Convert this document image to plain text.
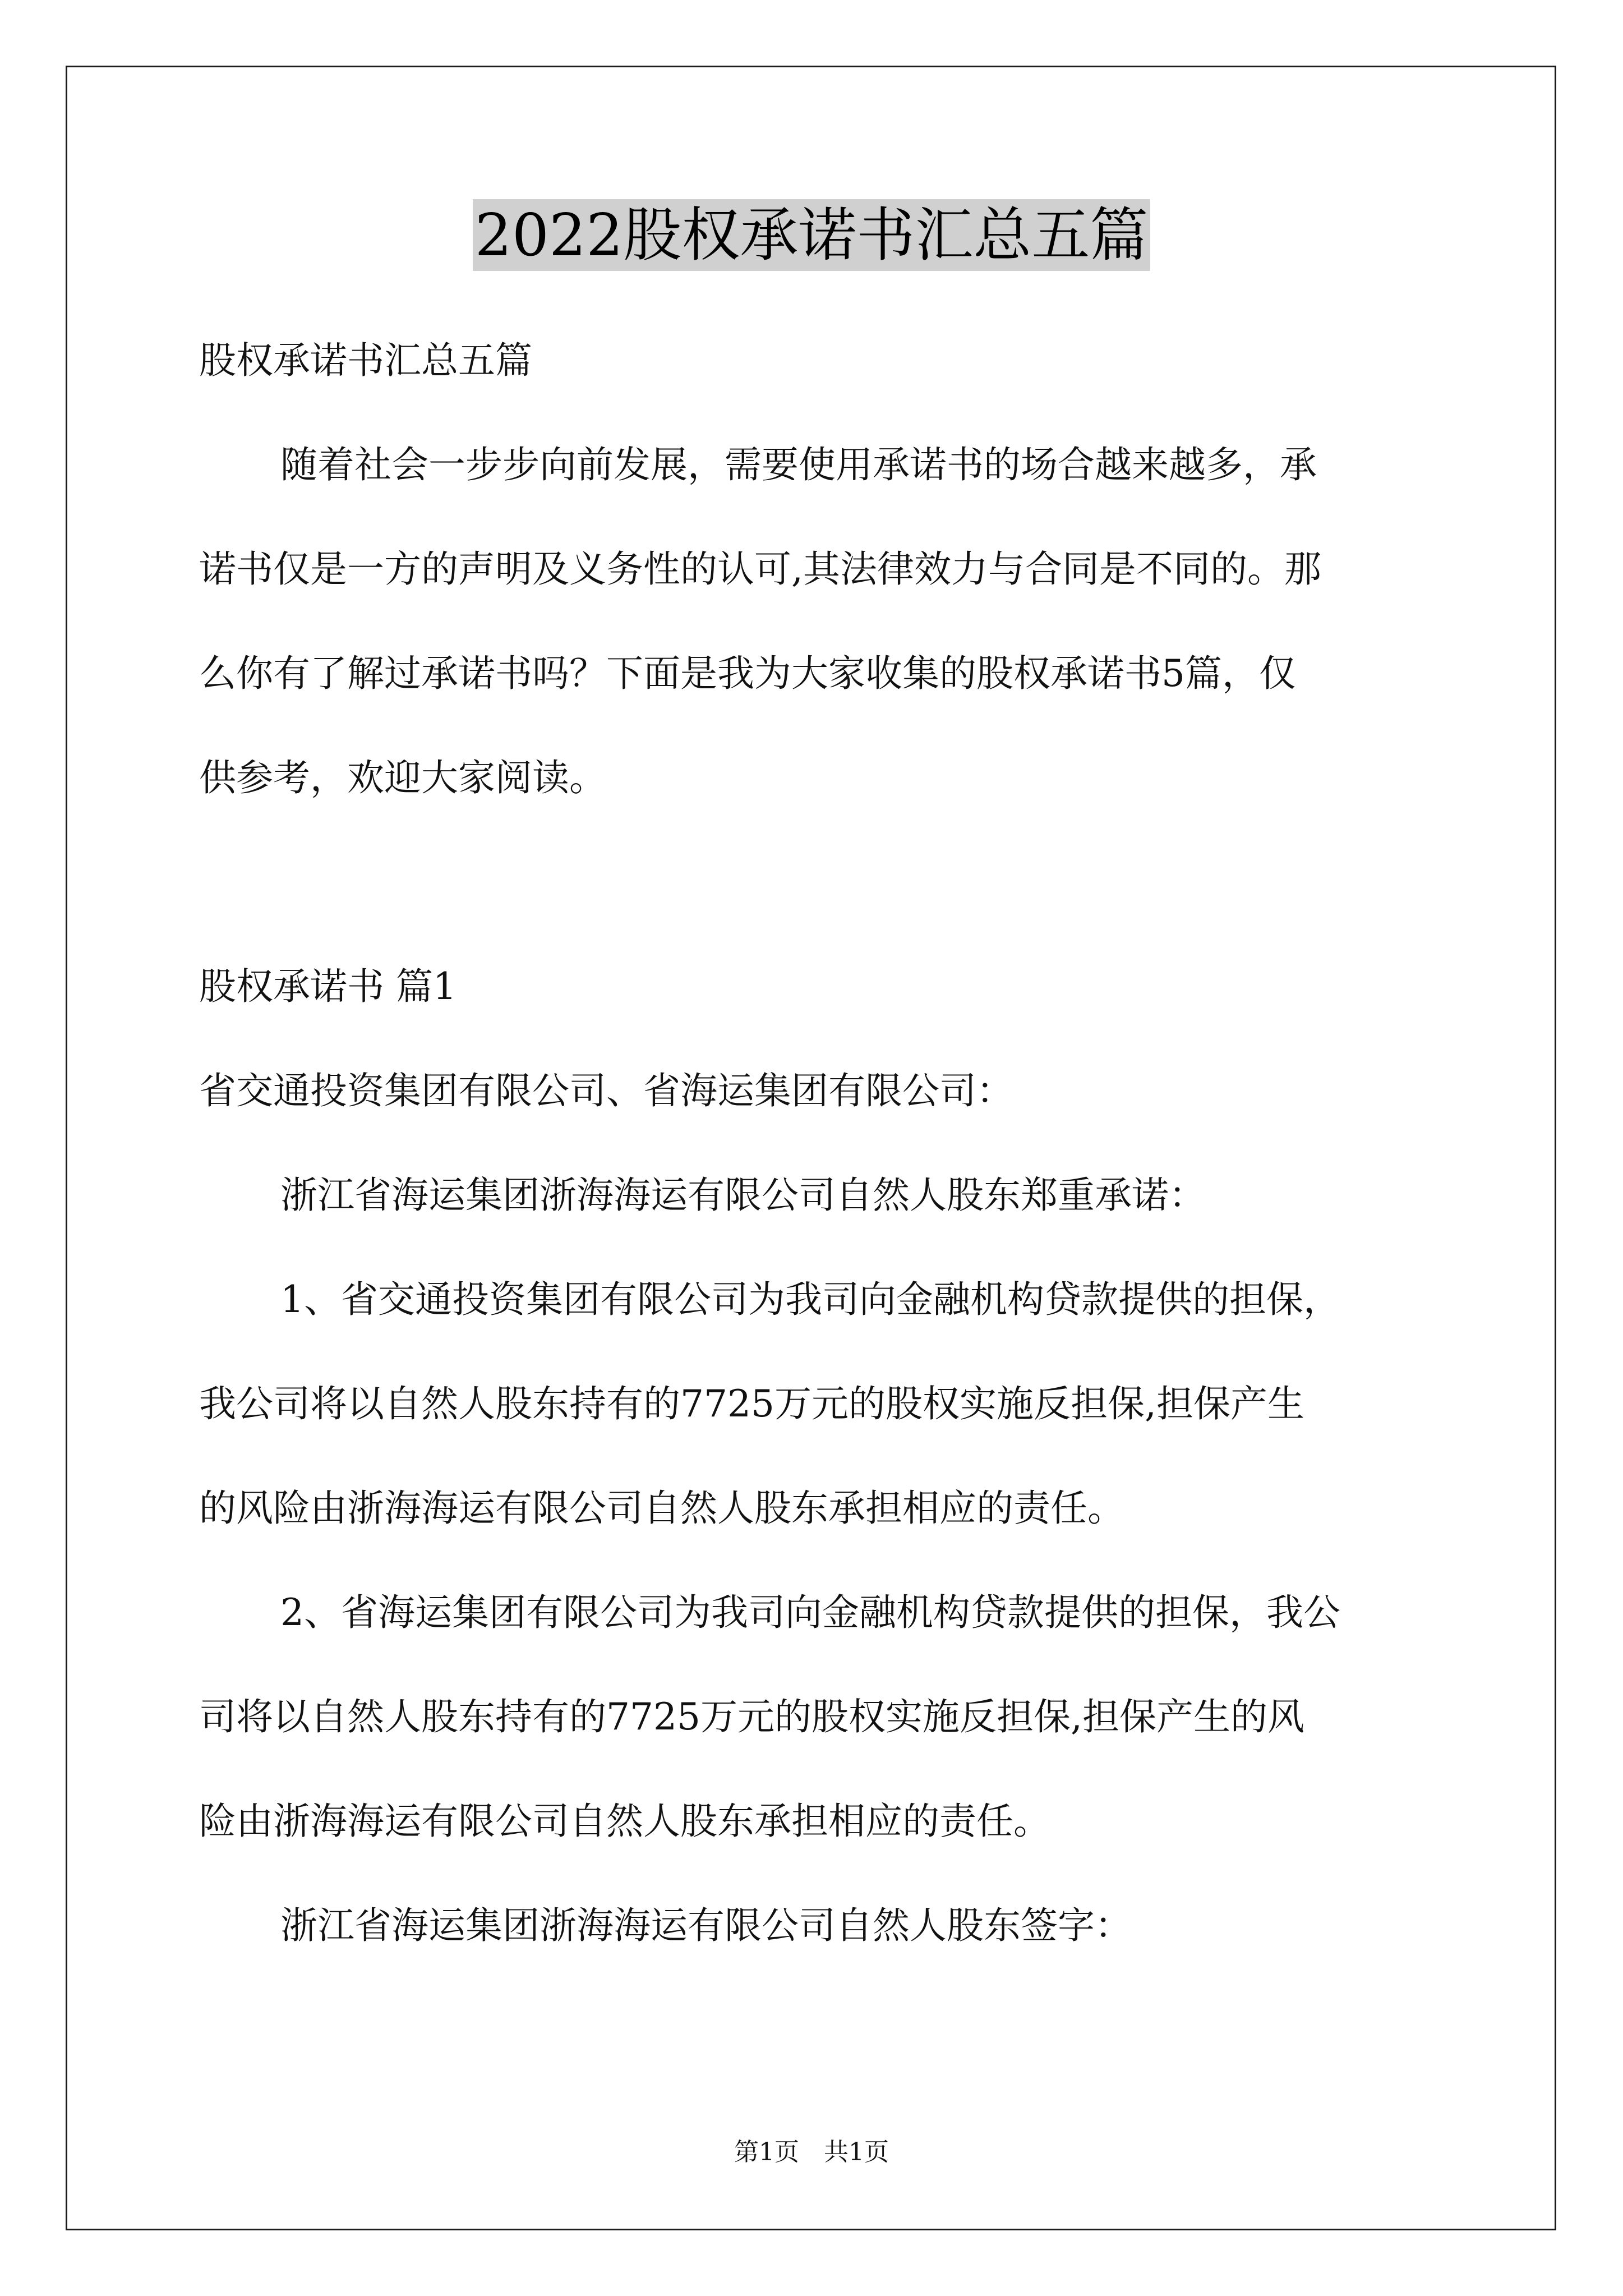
2022股权承诺书汇总五篇

股权承诺书汇总五篇

随着社会一步步向前发展，需要使用承诺书的场合越来越多，承
诺书仅是一方的声明及义务性的认可,其法律效力与合同是不同的。那
么你有了解过承诺书吗？下面是我为大家收集的股权承诺书5篇，仅
供参考，欢迎大家阅读。

股权承诺书 篇1

省交通投资集团有限公司、省海运集团有限公司：

浙江省海运集团浙海海运有限公司自然人股东郑重承诺：

1、省交通投资集团有限公司为我司向金融机构贷款提供的担保，
我公司将以自然人股东持有的7725万元的股权实施反担保,担保产生
的风险由浙海海运有限公司自然人股东承担相应的责任。

2、省海运集团有限公司为我司向金融机构贷款提供的担保，我公
司将以自然人股东持有的7725万元的股权实施反担保,担保产生的风
险由浙海海运有限公司自然人股东承担相应的责任。

浙江省海运集团浙海海运有限公司自然人股东签字：

第1页　共1页
